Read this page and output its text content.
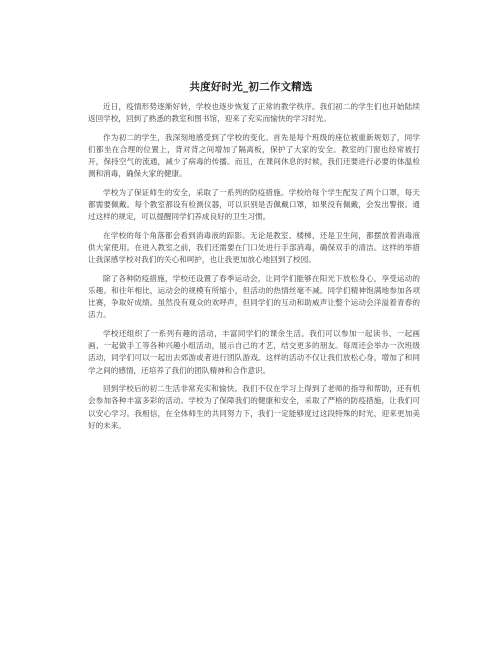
共度好时光_初二作文精选

近日，疫情形势逐渐好转，学校也逐步恢复了正常的教学秩序。我们初二的学生们也开始陆续返回学校，回到了熟悉的教室和图书馆，迎来了充实而愉快的学习时光。

作为初二的学生，我深刻地感受到了学校的变化。首先是每个班级的座位被重新规划了，同学们都坐在合理的位置上，背对背之间增加了隔离板，保护了大家的安全。教室的门窗也经常被打开，保持空气的流通，减少了病毒的传播。而且，在课间休息的时候，我们还要进行必要的体温检测和消毒，确保大家的健康。

学校为了保证师生的安全，采取了一系列的防疫措施。学校给每个学生配发了两个口罩，每天都需要佩戴。每个教室都设有检测仪器，可以识别是否佩戴口罩，如果没有佩戴，会发出警报。通过这样的规定，可以提醒同学们养成良好的卫生习惯。

在学校的每个角落都会看到消毒液的踪影。无论是教室、楼梯、还是卫生间，都摆放着消毒液供大家使用。在进入教室之前，我们还需要在门口处进行手部消毒，确保双手的清洁。这样的举措让我深感学校对我们的关心和呵护，也让我更加放心地回到了校园。

除了各种防疫措施，学校还设置了春季运动会，让同学们能够在阳光下放松身心，享受运动的乐趣。和往年相比，运动会的规模有所缩小，但活动的热情丝毫不减。同学们精神饱满地参加各项比赛，争取好成绩。虽然没有观众的欢呼声，但同学们的互动和助威声让整个运动会洋溢着青春的活力。

学校还组织了一系列有趣的活动，丰富同学们的课余生活。我们可以参加一起读书、一起画画、一起做手工等各种兴趣小组活动，展示自己的才艺，结交更多的朋友。每周还会举办一次班级活动，同学们可以一起出去郊游或者进行团队游戏。这样的活动不仅让我们放松心身，增加了和同学之间的感情，还培养了我们的团队精神和合作意识。

回到学校后的初二生活非常充实和愉快。我们不仅在学习上得到了老师的指导和帮助，还有机会参加各种丰富多彩的活动。学校为了保障我们的健康和安全，采取了严格的防疫措施，让我们可以安心学习。我相信，在全体师生的共同努力下，我们一定能够度过这段特殊的时光，迎来更加美好的未来。
